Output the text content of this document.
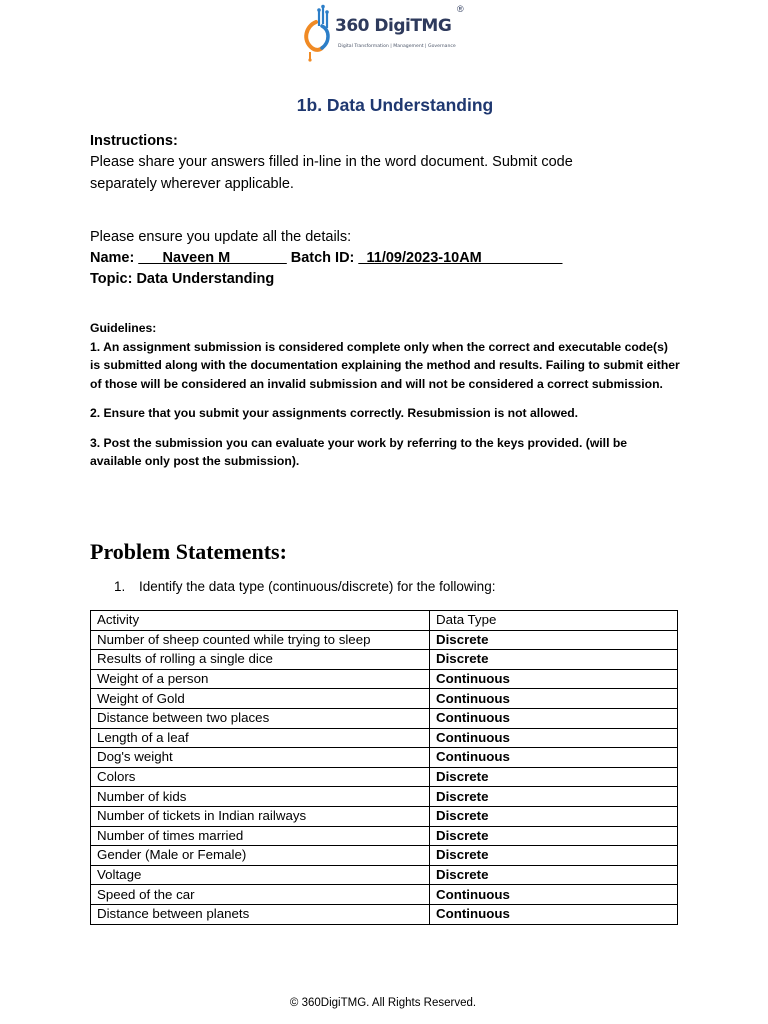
360 DigiTMG
Digital Transformation | Management | Governance
®
1b. Data Understanding
Instructions:
Please share your answers filled in-line in the word document. Submit code
separately wherever applicable.
Please ensure you update all the details:
Name: ___Naveen M_______ Batch ID: _11/09/2023-10AM__________
Topic: Data Understanding

Guidelines:

1. An assignment submission is considered complete only when the correct and executable code(s) is submitted along with the documentation explaining the method and results. Failing to submit either of those will be considered an invalid submission and will not be considered a correct submission.

2. Ensure that you submit your assignments correctly. Resubmission is not allowed.

3. Post the submission you can evaluate your work by referring to the keys provided. (will be available only post the submission).

Problem Statements:
1. Identify the data type (continuous/discrete) for the following:
Activity	Data Type
Number of sheep counted while trying to sleep	Discrete
Results of rolling a single dice	Discrete
Weight of a person	Continuous
Weight of Gold	Continuous
Distance between two places	Continuous
Length of a leaf	Continuous
Dog's weight	Continuous
Colors	Discrete
Number of kids	Discrete
Number of tickets in Indian railways	Discrete
Number of times married	Discrete
Gender (Male or Female)	Discrete
Voltage	Discrete
Speed of the car	Continuous
Distance between planets	Continuous
© 360DigiTMG. All Rights Reserved.
